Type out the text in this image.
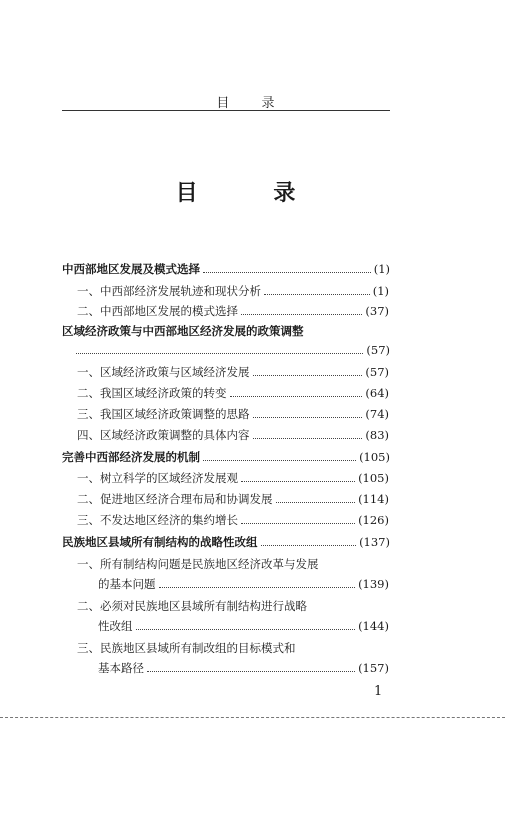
目 录
目 录
中西部地区发展及模式选择	(1)
一、中西部经济发展轨迹和现状分析	(1)
二、中西部地区发展的模式选择	(37)
区域经济政策与中西部地区经济发展的政策调整
(57)
一、区域经济政策与区域经济发展	(57)
二、我国区域经济政策的转变	(64)
三、我国区域经济政策调整的思路	(74)
四、区域经济政策调整的具体内容	(83)
完善中西部经济发展的机制	(105)
一、树立科学的区域经济发展观	(105)
二、促进地区经济合理布局和协调发展	(114)
三、不发达地区经济的集约增长	(126)
民族地区县域所有制结构的战略性改组	(137)
一、所有制结构问题是民族地区经济改革与发展
的基本问题	(139)
二、必须对民族地区县域所有制结构进行战略
性改组	(144)
三、民族地区县域所有制改组的目标模式和
基本路径	(157)
1
